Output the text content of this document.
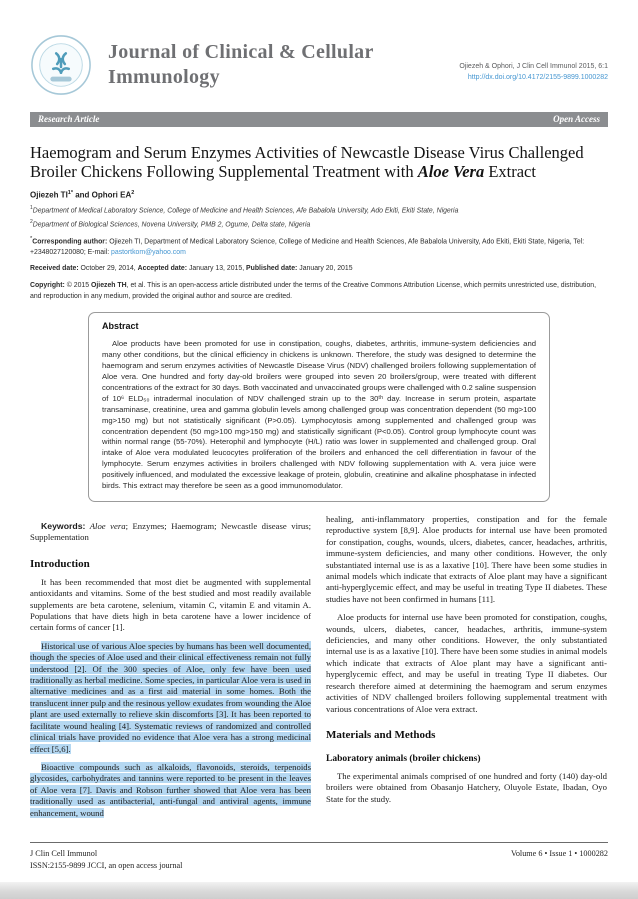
Journal of Clinical & Cellular
Immunology	Ojiezeh & Ophori, J Clin Cell Immunol 2015, 6:1
http://dx.doi.org/10.4172/2155-9899.1000282
Research Article	Open Access
Haemogram and Serum Enzymes Activities of Newcastle Disease Virus Challenged Broiler Chickens Following Supplemental Treatment with Aloe Vera Extract
Ojiezeh $TI^{1*}$ and Ophori $EA^2$
$^1$Department of Medical Laboratory Science, College of Medicine and Health Sciences, Afe Babalola University, Ado Ekiti, Ekiti State, Nigeria
$^2$Department of Biological Sciences, Novena University, PMB 2, Ogume, Delta state, Nigeria
*Corresponding author: Ojiezeh TI, Department of Medical Laboratory Science, College of Medicine and Health Sciences, Afe Babalola University, Ado Ekiti, Ekiti State, Nigeria, Tel: +2348027120080; E-mail: pastortkom@yahoo.com
Received date: October 29, 2014, Accepted date: January 13, 2015, Published date: January 20, 2015
Copyright: © 2015 Ojiezeh TH, et al. This is an open-access article distributed under the terms of the Creative Commons Attribution License, which permits unrestricted use, distribution, and reproduction in any medium, provided the original author and source are credited.
Abstract

Aloe products have been promoted for use in constipation, coughs, diabetes, arthritis, immune-system deficiencies and many other conditions, but the clinical efficiency in chickens is unknown. Therefore, the study was designed to determine the haemogram and serum enzymes activities of Newcastle Disease Virus (NDV) challenged broilers following supplementation of Aloe vera. One hundred and forty day-old broilers were grouped into seven 20 broilers/group, were treated with different concentrations of the extract for 30 days. Both vaccinated and unvaccinated groups were challenged with 0.2 saline suspension of 10⁶ ELD₅₀ intradermal inoculation of NDV challenged strain up to the 30ᵗʰ day. Increase in serum protein, aspartate transaminase, creatinine, urea and gamma globulin levels among challenged group was concentration dependent (50 mg>100 mg>150 mg) but not statistically significant (P>0.05). Lymphocytosis among supplemented and challenged group was concentration dependent (50 mg>100 mg>150 mg) and statistically significant (P<0.05). Control group lymphocyte count was within normal range (55-70%). Heterophil and lymphocyte (H/L) ratio was lower in supplemented and challenged group. Oral intake of Aloe vera modulated leucocytes proliferation of the broilers and enhanced the cell differentiation in favour of the lymphocyte. Serum enzymes activities in broilers challenged with NDV following supplementation with A. vera juice were positively influenced, and modulated the excessive leakage of protein, globulin, creatinine and alkaline phosphatase in infected birds. This extract may therefore be seen as a good immunomodulator.

Keywords: Aloe vera; Enzymes; Haemogram; Newcastle disease virus; Supplementation

Introduction

It has been recommended that most diet be augmented with supplemental antioxidants and vitamins. Some of the best studied and most readily available supplements are beta carotene, selenium, vitamin C, vitamin E and vitamin A. Populations that have diets high in beta carotene have a lower incidence of certain forms of cancer [1].

Historical use of various Aloe species by humans has been well documented, though the species of Aloe used and their clinical effectiveness remain not fully understood [2]. Of the 300 species of Aloe, only few have been used traditionally as herbal medicine. Some species, in particular Aloe vera is used in alternative medicines and as a first aid material in some homes. Both the translucent inner pulp and the resinous yellow exudates from wounding the Aloe plant are used externally to relieve skin discomforts [3]. It has been reported to facilitate wound healing [4]. Systematic reviews of randomized and controlled clinical trials have provided no evidence that Aloe vera has a strong medicinal effect [5,6].

Bioactive compounds such as alkaloids, flavonoids, steroids, terpenoids glycosides, carbohydrates and tannins were reported to be present in the leaves of Aloe vera [7]. Davis and Robson further showed that Aloe vera has been traditionally used as antibacterial, anti-fungal and antiviral agents, immune enhancement, wound

healing, anti-inflammatory properties, constipation and for the female reproductive system [8,9]. Aloe products for internal use have been promoted for constipation, coughs, wounds, ulcers, diabetes, cancer, headaches, arthritis, immune-system deficiencies, and many other conditions. However, the only substantiated internal use is as a laxative [10]. There have been some studies in animal models which indicate that extracts of Aloe plant may have a significant anti-hyperglycemic effect, and may be useful in treating Type II diabetes. These studies have not been confirmed in humans [11].

Aloe products for internal use have been promoted for constipation, coughs, wounds, ulcers, diabetes, cancer, headaches, arthritis, immune-system deficiencies, and many other conditions. However, the only substantiated internal use is as a laxative [10]. There have been some studies in animal models which indicate that extracts of Aloe plant may have a significant anti-hyperglycemic effect, and may be useful in treating Type II diabetes. Our research therefore aimed at determining the haemogram and serum enzymes activities of NDV challenged broilers following supplemental treatment with various concentrations of Aloe vera extract.

Materials and Methods
Laboratory animals (broiler chickens)

The experimental animals comprised of one hundred and forty (140) day-old broilers were obtained from Obasanjo Hatchery, Oluyole Estate, Ibadan, Oyo State for the study.

J Clin Cell Immunol
ISSN:2155-9899 JCCI, an open access journal
Volume 6 • Issue 1 • 1000282
